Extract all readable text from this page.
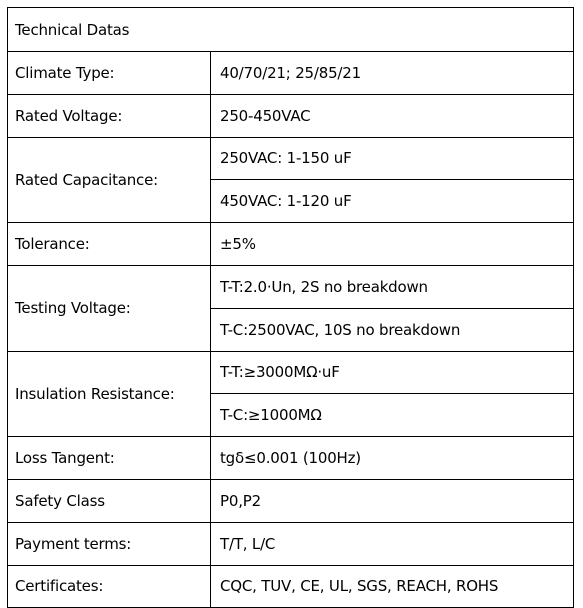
Technical Datas	
Climate Type:	40/70/21; 25/85/21
Rated Voltage:	250-450VAC
Rated Capacitance:	250VAC: 1-150 uF
	450VAC: 1-120 uF
Tolerance:	±5%
Testing Voltage:	T-T:2.0·Un, 2S no breakdown
	T-C:2500VAC, 10S no breakdown
Insulation Resistance:	T-T:≥3000MΩ·uF
	T-C:≥1000MΩ
Loss Tangent:	tgδ≤0.001 (100Hz)
Safety Class	P0,P2
Payment terms:	T/T, L/C
Certificates:	CQC, TUV, CE, UL, SGS, REACH, ROHS
